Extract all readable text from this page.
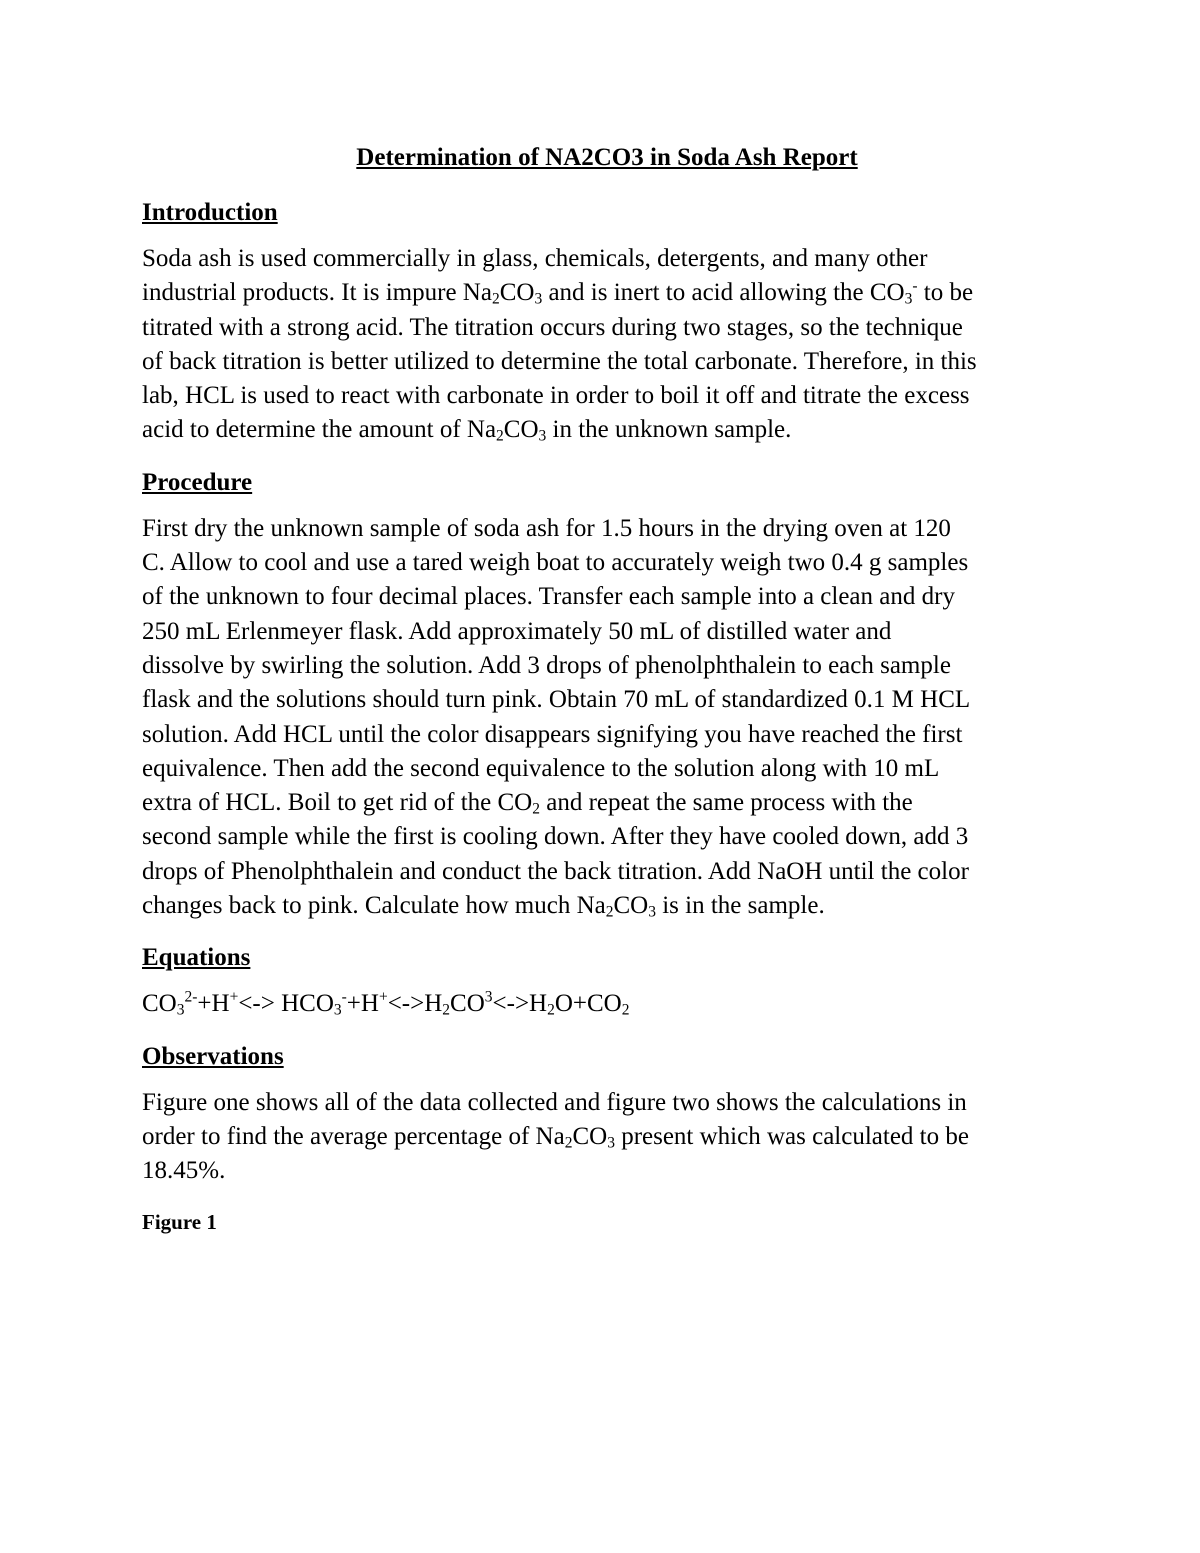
Determination of NA2CO3 in Soda Ash Report
Introduction
Soda ash is used commercially in glass, chemicals, detergents, and many other
industrial products. It is impure $Na_2CO_3$ and is inert to acid allowing the $CO_3^-$ to be
titrated with a strong acid. The titration occurs during two stages, so the technique
of back titration is better utilized to determine the total carbonate. Therefore, in this
lab, HCL is used to react with carbonate in order to boil it off and titrate the excess
acid to determine the amount of $Na_2CO_3$ in the unknown sample.
Procedure
First dry the unknown sample of soda ash for 1.5 hours in the drying oven at 120
C. Allow to cool and use a tared weigh boat to accurately weigh two 0.4 g samples
of the unknown to four decimal places. Transfer each sample into a clean and dry
250 mL Erlenmeyer flask. Add approximately 50 mL of distilled water and
dissolve by swirling the solution. Add 3 drops of phenolphthalein to each sample
flask and the solutions should turn pink. Obtain 70 mL of standardized 0.1 M HCL
solution. Add HCL until the color disappears signifying you have reached the first
equivalence. Then add the second equivalence to the solution along with 10 mL
extra of HCL. Boil to get rid of the $CO_2$ and repeat the same process with the
second sample while the first is cooling down. After they have cooled down, add 3
drops of Phenolphthalein and conduct the back titration. Add NaOH until the color
changes back to pink. Calculate how much $Na_2CO_3$ is in the sample.
Equations
$CO_3^{2-}+H^+<-> HCO_3^-+H^+<->H_2CO^3<->H_2O+CO_2$
Observations
Figure one shows all of the data collected and figure two shows the calculations in
order to find the average percentage of $Na_2CO_3$ present which was calculated to be
18.45%.
Figure 1
